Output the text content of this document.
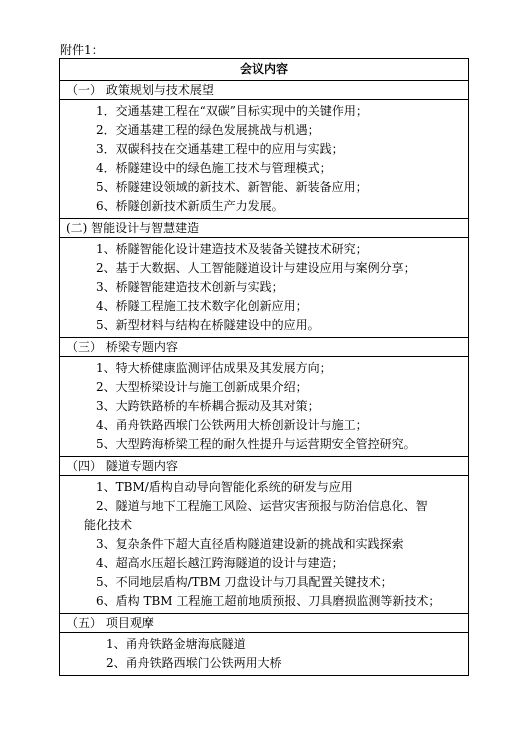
附件1：
会议内容
（一） 政策规划与技术展望

1．交通基建工程在“双碳”目标实现中的关键作用；
2．交通基建工程的绿色发展挑战与机遇；
3．双碳科技在交通基建工程中的应用与实践；
4．桥隧建设中的绿色施工技术与管理模式；
5、桥隧建设领域的新技术、新智能、新装备应用；
6、桥隧创新技术新质生产力发展。

(二) 智能设计与智慧建造

1、桥隧智能化设计建造技术及装备关键技术研究；
2、基于大数据、人工智能隧道设计与建设应用与案例分享；
3、桥隧智能建造技术创新与实践；
4、桥隧工程施工技术数字化创新应用；
5、新型材料与结构在桥隧建设中的应用。

（三） 桥梁专题内容

1、特大桥健康监测评估成果及其发展方向；
2、大型桥梁设计与施工创新成果介绍；
3、大跨铁路桥的车桥耦合振动及其对策；
4、甬舟铁路西堠门公铁两用大桥创新设计与施工；
5、大型跨海桥梁工程的耐久性提升与运营期安全管控研究。

（四） 隧道专题内容

1、TBM/盾构自动导向智能化系统的研发与应用
2、隧道与地下工程施工风险、运营灾害预报与防治信息化、智
能化技术
3、复杂条件下超大直径盾构隧道建设新的挑战和实践探索
4、超高水压超长越江跨海隧道的设计与建造；
5、不同地层盾构/TBM 刀盘设计与刀具配置关键技术；
6、盾构 TBM 工程施工超前地质预报、刀具磨损监测等新技术；

（五） 项目观摩

1、甬舟铁路金塘海底隧道
2、甬舟铁路西堠门公铁两用大桥
